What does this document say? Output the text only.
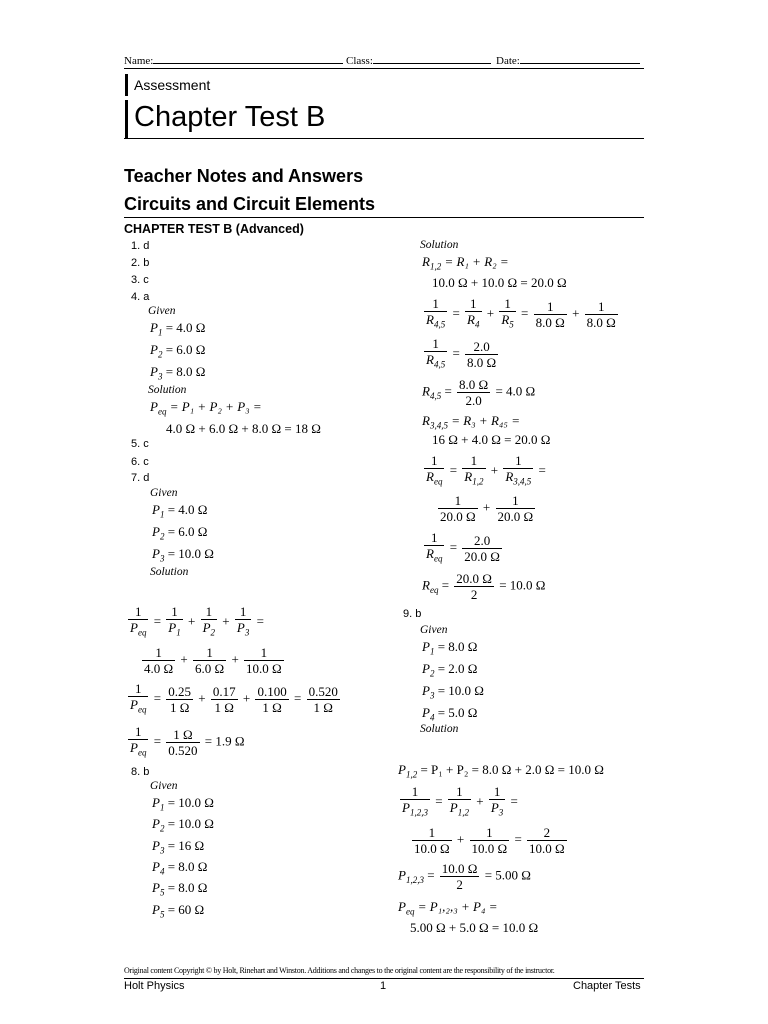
Name:	Class:	Date:
Assessment
Chapter Test B
Teacher Notes and Answers
Circuits and Circuit Elements
CHAPTER TEST B (Advanced)
1. d
2. b
3. c
4. a
Given
$P_1 = 4.0$ Ω
$P_2 = 6.0$ Ω
$P_3 = 8.0$ Ω
Solution
$P_{eq} = P_1 + P_2 + P_3$ =
4.0 Ω + 6.0 Ω + 8.0 Ω = 18 Ω
5. c
6. c
7. d
Given
$P_1 = 4.0$ Ω
$P_2 = 6.0$ Ω
$P_3 = 10.0$ Ω
Solution
$\frac{1}{P_{eq}} = \frac{1}{P_1} + \frac{1}{P_2} + \frac{1}{P_3}$ =
$\frac{1}{4.0 \Omega} + \frac{1}{6.0 \Omega} + \frac{1}{10.0 \Omega}$
$\frac{1}{P_{eq}} = \frac{0.25}{1 \Omega} + \frac{0.17}{1 \Omega} + \frac{0.100}{1 \Omega} = \frac{0.520}{1 \Omega}$
$\frac{1}{P_{eq}} = \frac{1 \Omega}{0.520} = 1.9$ Ω
8. b
Given
$P_1 = 10.0$ Ω
$P_2 = 10.0$ Ω
$P_3 = 16$ Ω
$P_4 = 8.0$ Ω
$P_5 = 8.0$ Ω
$P_5 = 60$ Ω
Solution
$R_{1,2} = R_1 + R_2$ =
10.0 Ω + 10.0 Ω = 20.0 Ω
$\frac{1}{R_{4,5}} = \frac{1}{R_4} + \frac{1}{R_5} = \frac{1}{8.0 \Omega} + \frac{1}{8.0 \Omega}$
$\frac{1}{R_{4,5}} = \frac{2.0}{8.0 \Omega}$
$R_{4,5} = \frac{8.0 \Omega}{2.0} = 4.0$ Ω
$R_{3,4,5} = R_3 + R_{45}$ =
16 Ω + 4.0 Ω = 20.0 Ω
$\frac{1}{R_{eq}} = \frac{1}{R_{1,2}} + \frac{1}{R_{3,4,5}}$ =
$\frac{1}{20.0 \Omega} + \frac{1}{20.0 \Omega}$
$\frac{1}{R_{eq}} = \frac{2.0}{20.0 \Omega}$
$R_{eq} = \frac{20.0 \Omega}{2} = 10.0$ Ω
9. b
Given
$P_1 = 8.0$ Ω
$P_2 = 2.0$ Ω
$P_3 = 10.0$ Ω
$P_4 = 5.0$ Ω
Solution
$P_{1,2} = P_1 + P_2 = 8.0$ Ω + 2.0 Ω = 10.0 Ω
$\frac{1}{P_{1,2,3}} = \frac{1}{P_{1,2}} + \frac{1}{P_3}$ =
$\frac{1}{10.0 \Omega} + \frac{1}{10.0 \Omega} = \frac{2}{10.0 \Omega}$
$P_{1,2,3} = \frac{10.0 \Omega}{2} = 5.00$ Ω
$P_{eq} = P_1,_2,_3 + P_4$ =
5.00 Ω + 5.0 Ω = 10.0 Ω
Original content Copyright © by Holt, Rinehart and Winston. Additions and changes to the original content are the responsibility of the instructor.
Holt Physics	1	Chapter Tests
